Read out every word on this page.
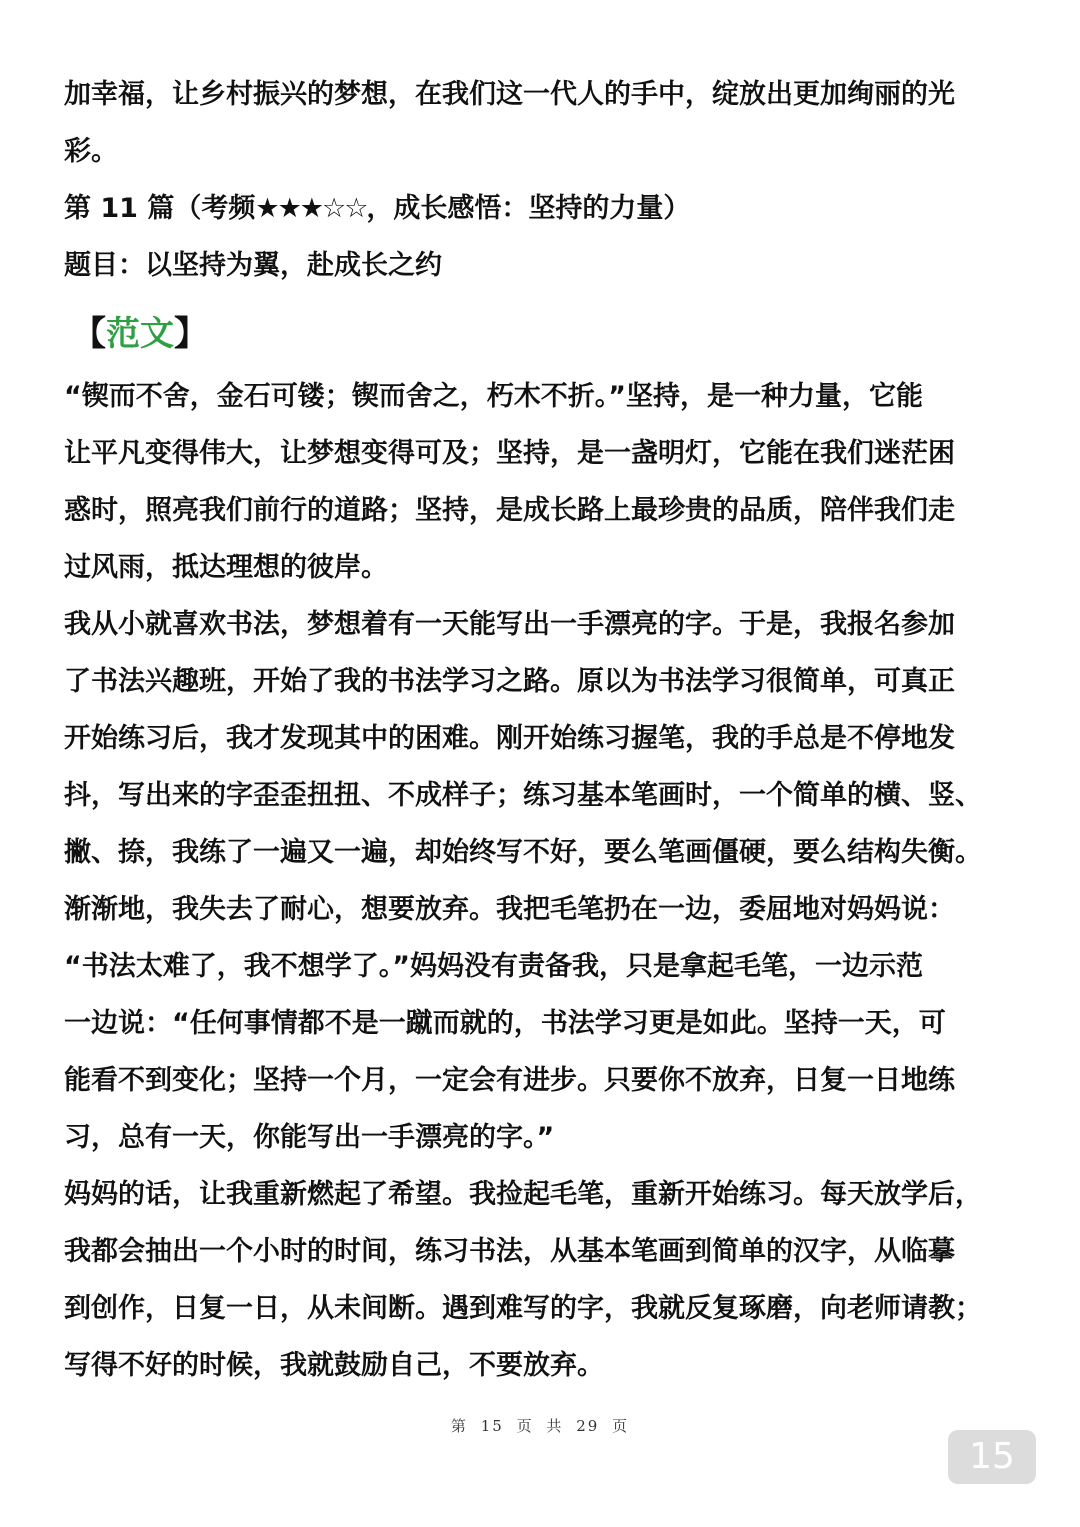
加幸福，让乡村振兴的梦想，在我们这一代人的手中，绽放出更加绚丽的光
彩。
第 11 篇（考频★★★☆☆，成长感悟：坚持的力量）
题目：以坚持为翼，赴成长之约
【范文】
“锲而不舍，金石可镂；锲而舍之，朽木不折。”坚持，是一种力量，它能
让平凡变得伟大，让梦想变得可及；坚持，是一盏明灯，它能在我们迷茫困
惑时，照亮我们前行的道路；坚持，是成长路上最珍贵的品质，陪伴我们走
过风雨，抵达理想的彼岸。
我从小就喜欢书法，梦想着有一天能写出一手漂亮的字。于是，我报名参加
了书法兴趣班，开始了我的书法学习之路。原以为书法学习很简单，可真正
开始练习后，我才发现其中的困难。刚开始练习握笔，我的手总是不停地发
抖，写出来的字歪歪扭扭、不成样子；练习基本笔画时，一个简单的横、竖、
撇、捺，我练了一遍又一遍，却始终写不好，要么笔画僵硬，要么结构失衡。
渐渐地，我失去了耐心，想要放弃。我把毛笔扔在一边，委屈地对妈妈说：
“书法太难了，我不想学了。”妈妈没有责备我，只是拿起毛笔，一边示范
一边说：“任何事情都不是一蹴而就的，书法学习更是如此。坚持一天，可
能看不到变化；坚持一个月，一定会有进步。只要你不放弃，日复一日地练
习，总有一天，你能写出一手漂亮的字。”
妈妈的话，让我重新燃起了希望。我捡起毛笔，重新开始练习。每天放学后，
我都会抽出一个小时的时间，练习书法，从基本笔画到简单的汉字，从临摹
到创作，日复一日，从未间断。遇到难写的字，我就反复琢磨，向老师请教；
写得不好的时候，我就鼓励自己，不要放弃。
第 15 页 共 29 页
15
